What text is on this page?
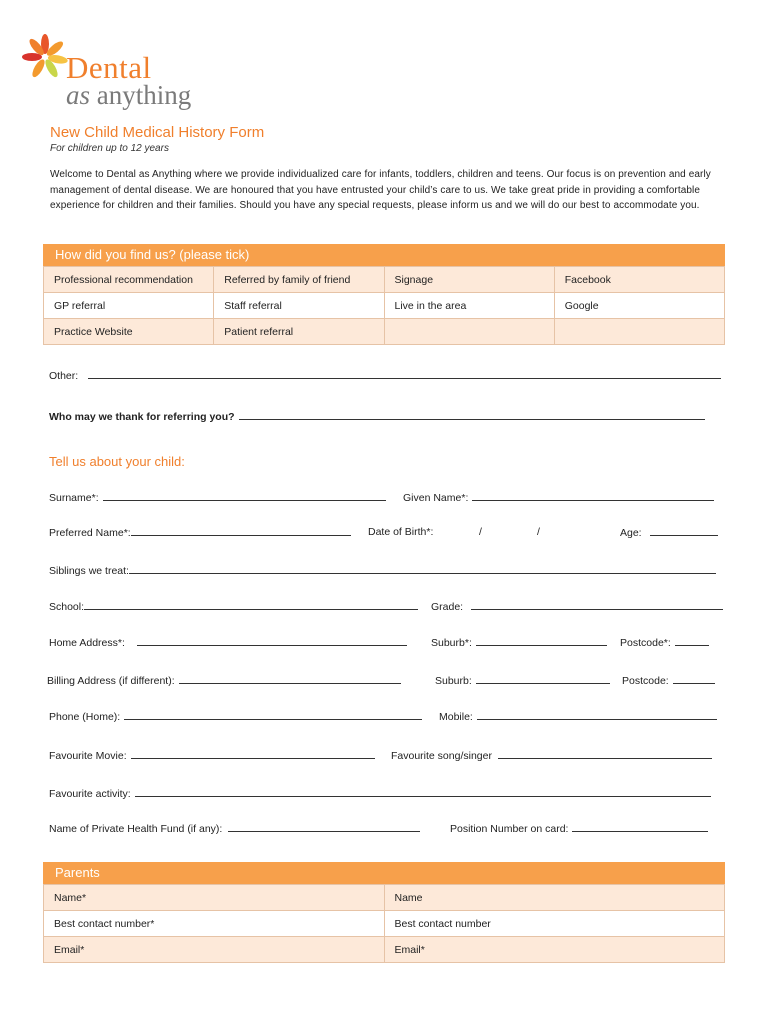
Dental
as anything
New Child Medical History Form
For children up to 12 years
Welcome to Dental as Anything where we provide individualized care for infants, toddlers, children and teens. Our focus is on prevention and early management of dental disease. We are honoured that you have entrusted your child’s care to us. We take great pride in providing a comfortable experience for children and their families. Should you have any special requests, please inform us and we will do our best to accommodate you.
How did you find us? (please tick)
Professional recommendation	Referred by family of friend	Signage	Facebook
GP referral	Staff referral	Live in the area	Google
Practice Website	Patient referral		
Other:
Who may we thank for referring you?
Tell us about your child:
Surname*:	Given Name*:
Preferred Name*:	Date of Birth*:	/	/	Age:
Siblings we treat:
School:	Grade:
Home Address*:	Suburb*:	Postcode*:
Billing Address (if different):	Suburb:	Postcode:
Phone (Home):	Mobile:
Favourite Movie:	Favourite song/singer
Favourite activity:
Name of Private Health Fund (if any):	Position Number on card:
Parents
Name*	Name
Best contact number*	Best contact number
Email*	Email*
